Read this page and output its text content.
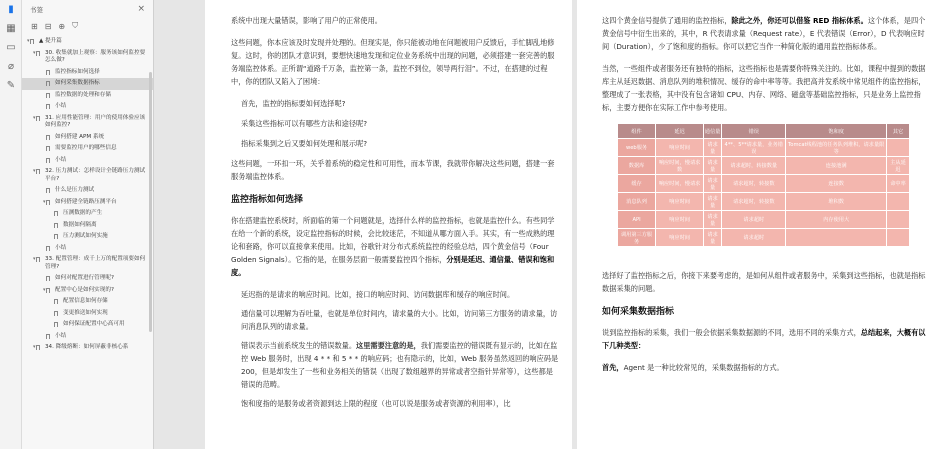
▮
▦
▭
⌀
✎
书签	×
⊞ ⊟ ⊕ ⛉
▾ ▲ 提升篇
▾ 30. 收集就加上观察：服务该如何监控要怎么做?
监控指标如何选择
如何采集数据指标
监控数据的处理和存储
小结
▾ 31. 应用性能管理：用户的使用体验应该如何监控?
如何搭建 APM 系统
需要监控用户的哪些信息
小结
▾ 32. 压力测试：怎样设计全链路压力测试平台?
什么是压力测试
▾ 如何搭建全链路压测平台
压测数据的产生
数据如何隔离
压力测试如何实施
小结
▾ 33. 配置管理：成千上万的配置项要如何管理?
如何对配置进行管理呢?
▾ 配置中心是如何实现的?
配置信息如何存储
变更推送如何实现
如何保证配置中心高可用
小结
▾ 34. 降级熔断：如何屏蔽非核心系
系统中出现大量错误，影响了用户的正常使用。
这些问题，你本应该及时发现并处理的。但现实是，你只能被动地在问题被用户反馈后，手忙脚乱地修复。这时，你的团队才意识到，要想快速地发现和定位业务系统中出现的问题，必须搭建一套完善的服务端监控体系。正所谓“道路千万条，监控第一条，监控不到位，领导两行泪”。不过，在搭建的过程中，你的团队又陷入了困境：
首先，监控的指标要如何选择呢?
采集这些指标可以有哪些方法和途径呢?
指标采集到之后又要如何处理和展示呢?
这些问题，一环扣一环，关乎着系统的稳定性和可用性，而本节课，我就带你解决这些问题，搭建一套服务端监控体系。
监控指标如何选择
你在搭建监控系统时，所面临的第一个问题就是，选择什么样的监控指标，也就是监控什么。有些同学在给一个新的系统，设定监控指标的时候，会比较迷茫，不知道从哪方面入手。其实，有一些成熟的理论和套路，你可以直接拿来使用。比如，谷歌针对分布式系统监控的经验总结，四个黄金信号（Four Golden Signals）。它指的是，在服务层面一般需要监控四个指标，分别是延迟、通信量、错误和饱和度。
延迟指的是请求的响应时间。比如，接口的响应时间、访问数据库和缓存的响应时间。
通信量可以理解为吞吐量，也就是单位时间内，请求量的大小。比如，访问第三方服务的请求量，访问消息队列的请求量。
错误表示当前系统发生的错误数量。这里需要注意的是，我们需要监控的错误既有显示的，比如在监控 Web 服务时，出现 4 * * 和 5 * * 的响应码；也有隐示的，比如，Web 服务虽然返回的响应码是 200，但是却发生了一些和业务相关的错误（出现了数组越界的异常或者空指针异常等），这些都是错误的范畴。
饱和度指的是服务或者资源到达上限的程度（也可以说是服务或者资源的利用率），比
这四个黄金信号提供了通用的监控指标，除此之外，你还可以借鉴 RED 指标体系。这个体系，是四个黄金信号中衍生出来的，其中，R 代表请求量（Request rate），E 代表错误（Error），D 代表响应时间（Duration），少了饱和度的指标。你可以把它当作一种简化版的通用监控指标体系。
当然，一些组件或者服务还有独特的指标，这些指标也是需要你特殊关注的。比如，课程中提到的数据库主从延迟数据、消息队列的堆积情况、缓存的命中率等等。我把高并发系统中常见组件的监控指标，整理成了一张表格，其中没有包含诸如 CPU、内存、网络、磁盘等基础监控指标，只是业务上监控指标，主要方便你在实际工作中参考使用。
组件	延迟	通信量	错误	饱和度	其它
web服务	响应时间	请求量	4**、5**请求量，业务错误	Tomcat线程池的任务队列堆积，请求量限等	
数据库	响应时间，慢请求数	请求量	请求超时，转接数量	连接池满	主从延迟
缓存	响应时间，慢请求	请求量	请求超时，转接数	连接数	命中率
消息队列	响应时间	请求量	请求超时，转接数	堆积数	
API	响应时间	请求量	请求超时	内存使用大	
调用第三方服务	响应时间	请求量	请求超时		
选择好了监控指标之后，你接下来要考虑的，是如何从组件或者服务中，采集到这些指标，也就是指标数据采集的问题。
如何采集数据指标
说到监控指标的采集，我们一般会依据采集数据源的不同，选用不同的采集方式，总结起来，大概有以下几种类型：
首先，Agent 是一种比较常见的，采集数据指标的方式。
